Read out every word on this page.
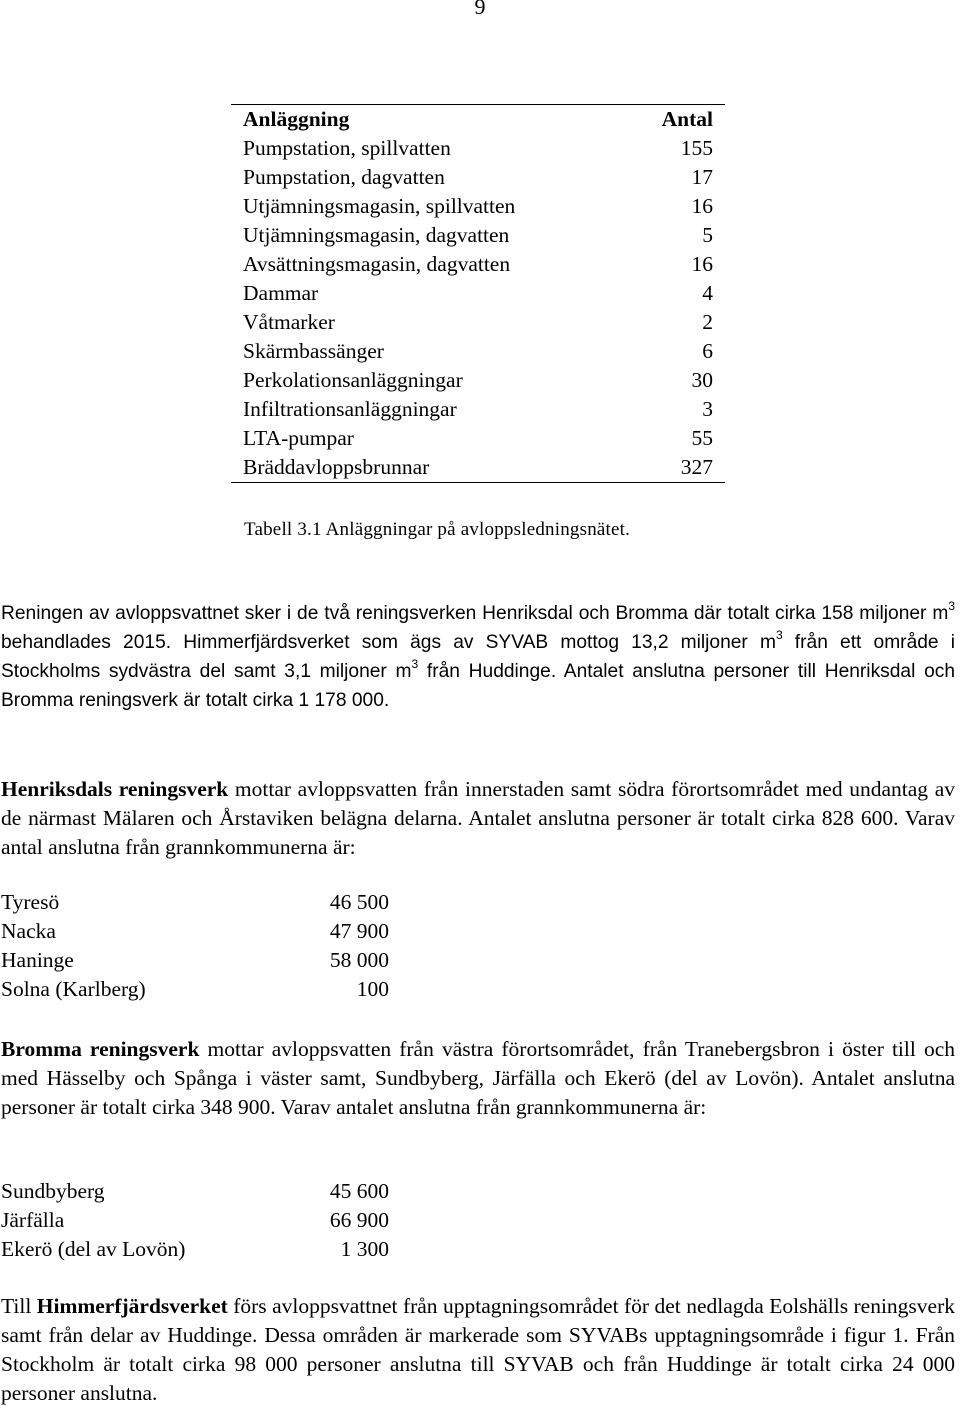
9
Anläggning	Antal
Pumpstation, spillvatten	155
Pumpstation, dagvatten	17
Utjämningsmagasin, spillvatten	16
Utjämningsmagasin, dagvatten	5
Avsättningsmagasin, dagvatten	16
Dammar	4
Våtmarker	2
Skärmbassänger	6
Perkolationsanläggningar	30
Infiltrationsanläggningar	3
LTA-pumpar	55
Bräddavloppsbrunnar	327
Tabell 3.1 Anläggningar på avloppsledningsnätet.

Reningen av avloppsvattnet sker i de två reningsverken Henriksdal och Bromma där totalt cirka 158 miljoner $m^3$ behandlades 2015. Himmerfjärdsverket som ägs av SYVAB mottog 13,2 miljoner $m^3$ från ett område i Stockholms sydvästra del samt 3,1 miljoner $m^3$ från Huddinge. Antalet anslutna personer till Henriksdal och Bromma reningsverk är totalt cirka 1 178 000.

Henriksdals reningsverk mottar avloppsvatten från innerstaden samt södra förortsområdet med undantag av de närmast Mälaren och Årstaviken belägna delarna. Antalet anslutna personer är totalt cirka 828 600. Varav antal anslutna från grannkommunerna är:

Tyresö	46 500
Nacka	47 900
Haninge	58 000
Solna (Karlberg)	100

Bromma reningsverk mottar avloppsvatten från västra förortsområdet, från Tranebergsbron i öster till och med Hässelby och Spånga i väster samt, Sundbyberg, Järfälla och Ekerö (del av Lovön). Antalet anslutna personer är totalt cirka 348 900. Varav antalet anslutna från grannkommunerna är:

Sundbyberg	45 600
Järfälla	66 900
Ekerö (del av Lovön)	1 300

Till Himmerfjärdsverket förs avloppsvattnet från upptagningsområdet för det nedlagda Eolshälls reningsverk samt från delar av Huddinge. Dessa områden är markerade som SYVABs upptagningsområde i figur 1. Från Stockholm är totalt cirka 98 000 personer anslutna till SYVAB och från Huddinge är totalt cirka 24 000 personer anslutna.
